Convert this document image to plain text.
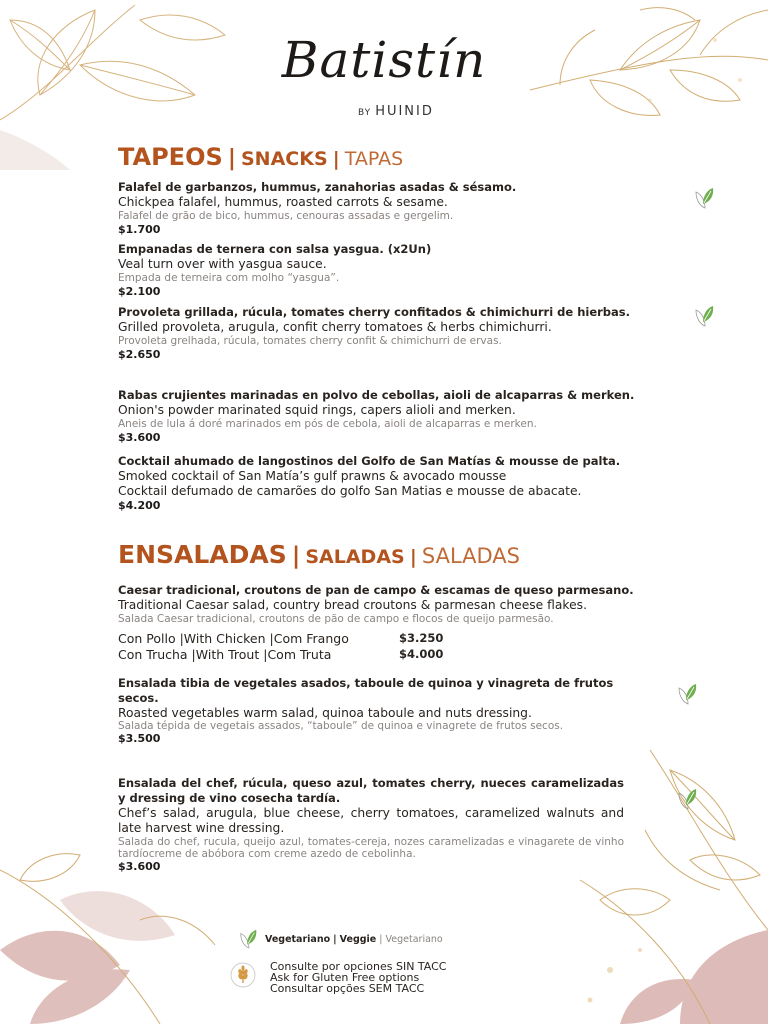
Batistín
BY HUINID
TAPEOS | SNACKS | TAPAS
Falafel de garbanzos, hummus, zanahorias asadas & sésamo.
Chickpea falafel, hummus, roasted carrots & sesame.
Falafel de grão de bico, hummus, cenouras assadas e gergelim.
$1.700
Empanadas de ternera con salsa yasgua. (x2Un)
Veal turn over with yasgua sauce.
Empada de terneira com molho “yasgua”.
$2.100
Provoleta grillada, rúcula, tomates cherry confitados & chimichurri de hierbas.
Grilled provoleta, arugula, confit cherry tomatoes & herbs chimichurri.
Provoleta grelhada, rúcula, tomates cherry confit & chimichurri de ervas.
$2.650
Rabas crujientes marinadas en polvo de cebollas, aioli de alcaparras & merken.
Onion's powder marinated squid rings, capers alioli and merken.
Aneis de lula á doré marinados em pós de cebola, aioli de alcaparras e merken.
$3.600
Cocktail ahumado de langostinos del Golfo de San Matías & mousse de palta.
Smoked cocktail of San Matía’s gulf prawns & avocado mousse
Cocktail defumado de camarões do golfo San Matias e mousse de abacate.
$4.200
ENSALADAS | SALADAS | SALADAS
Caesar tradicional, croutons de pan de campo & escamas de queso parmesano.
Traditional Caesar salad, country bread croutons & parmesan cheese flakes.
Salada Caesar tradicional, croutons de pão de campo e flocos de queijo parmesão.
Con Pollo |With Chicken |Com Frango	$3.250
Con Trucha |With Trout |Com Truta	$4.000
Ensalada tibia de vegetales asados, taboule de quinoa y vinagreta de frutos secos.
Roasted vegetables warm salad, quinoa taboule and nuts dressing.
Salada tépida de vegetais assados, “taboule” de quinoa e vinagrete de frutos secos.
$3.500
Ensalada del chef, rúcula, queso azul, tomates cherry, nueces caramelizadas y dressing de vino cosecha tardía.
Chef’s salad, arugula, blue cheese, cherry tomatoes, caramelized walnuts and late harvest wine dressing.
Salada do chef, rucula, queijo azul, tomates-cereja, nozes caramelizadas e vinagarete de vinho tardíocreme de abóbora com creme azedo de cebolinha.
$3.600
Vegetariano | Veggie | Vegetariano
Consulte por opciones SIN TACC
Ask for Gluten Free options
Consultar opções SEM TACC
